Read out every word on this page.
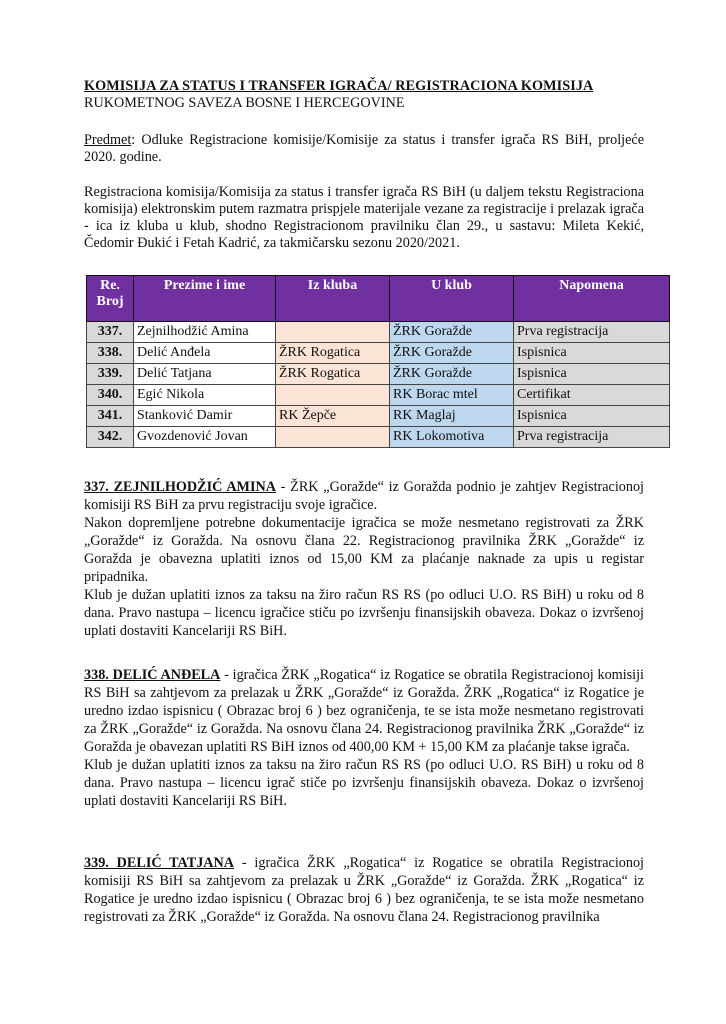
KOMISIJA ZA STATUS I TRANSFER IGRAČA/ REGISTRACIONA KOMISIJA
RUKOMETNOG SAVEZA BOSNE I HERCEGOVINE
Predmet: Odluke Registracione komisije/Komisije za status i transfer igrača RS BiH, proljeće 2020. godine.
Registraciona komisija/Komisija za status i transfer igrača RS BiH (u daljem tekstu Registraciona komisija) elektronskim putem razmatra prispjele materijale vezane za registracije i prelazak igrača - ica iz kluba u klub, shodno Registracionom pravilniku član 29., u sastavu: Mileta Kekić, Čedomir Đukić i Fetah Kadrić, za takmičarsku sezonu 2020/2021.
Re. Broj	Prezime i ime	Iz kluba	U klub	Napomena
337.	Zejnilhodžić Amina		ŽRK Goražde	Prva registracija
338.	Delić Anđela	ŽRK Rogatica	ŽRK Goražde	Ispisnica
339.	Delić Tatjana	ŽRK Rogatica	ŽRK Goražde	Ispisnica
340.	Egić Nikola		RK Borac mtel	Certifikat
341.	Stanković Damir	RK Žepče	RK Maglaj	Ispisnica
342.	Gvozdenović Jovan		RK Lokomotiva	Prva registracija
337. ZEJNILHODŽIĆ AMINA - ŽRK „Goražde“ iz Goražda podnio je zahtjev Registracionoj komisiji RS BiH za prvu registraciju svoje igračice.
Nakon dopremljene potrebne dokumentacije igračica se može nesmetano registrovati za ŽRK „Goražde“ iz Goražda. Na osnovu člana 22. Registracionog pravilnika ŽRK „Goražde“ iz Goražda je obavezna uplatiti iznos od 15,00 KM za plaćanje naknade za upis u registar pripadnika.
Klub je dužan uplatiti iznos za taksu na žiro račun RS RS (po odluci U.O. RS BiH) u roku od 8 dana. Pravo nastupa – licencu igračice stiču po izvršenju finansijskih obaveza. Dokaz o izvršenoj uplati dostaviti Kancelariji RS BiH.
338. DELIĆ ANĐELA - igračica ŽRK „Rogatica“ iz Rogatice se obratila Registracionoj komisiji RS BiH sa zahtjevom za prelazak u ŽRK „Goražde“ iz Goražda. ŽRK „Rogatica“ iz Rogatice je uredno izdao ispisnicu ( Obrazac broj 6 ) bez ograničenja, te se ista može nesmetano registrovati za ŽRK „Goražde“ iz Goražda. Na osnovu člana 24. Registracionog pravilnika ŽRK „Goražde“ iz Goražda je obavezan uplatiti RS BiH iznos od 400,00 KM + 15,00 KM za plaćanje takse igrača.
Klub je dužan uplatiti iznos za taksu na žiro račun RS RS (po odluci U.O. RS BiH) u roku od 8 dana. Pravo nastupa – licencu igrač stiče po izvršenju finansijskih obaveza. Dokaz o izvršenoj uplati dostaviti Kancelariji RS BiH.
339. DELIĆ TATJANA - igračica ŽRK „Rogatica“ iz Rogatice se obratila Registracionoj komisiji RS BiH sa zahtjevom za prelazak u ŽRK „Goražde“ iz Goražda. ŽRK „Rogatica“ iz Rogatice je uredno izdao ispisnicu ( Obrazac broj 6 ) bez ograničenja, te se ista može nesmetano registrovati za ŽRK „Goražde“ iz Goražda. Na osnovu člana 24. Registracionog pravilnika
